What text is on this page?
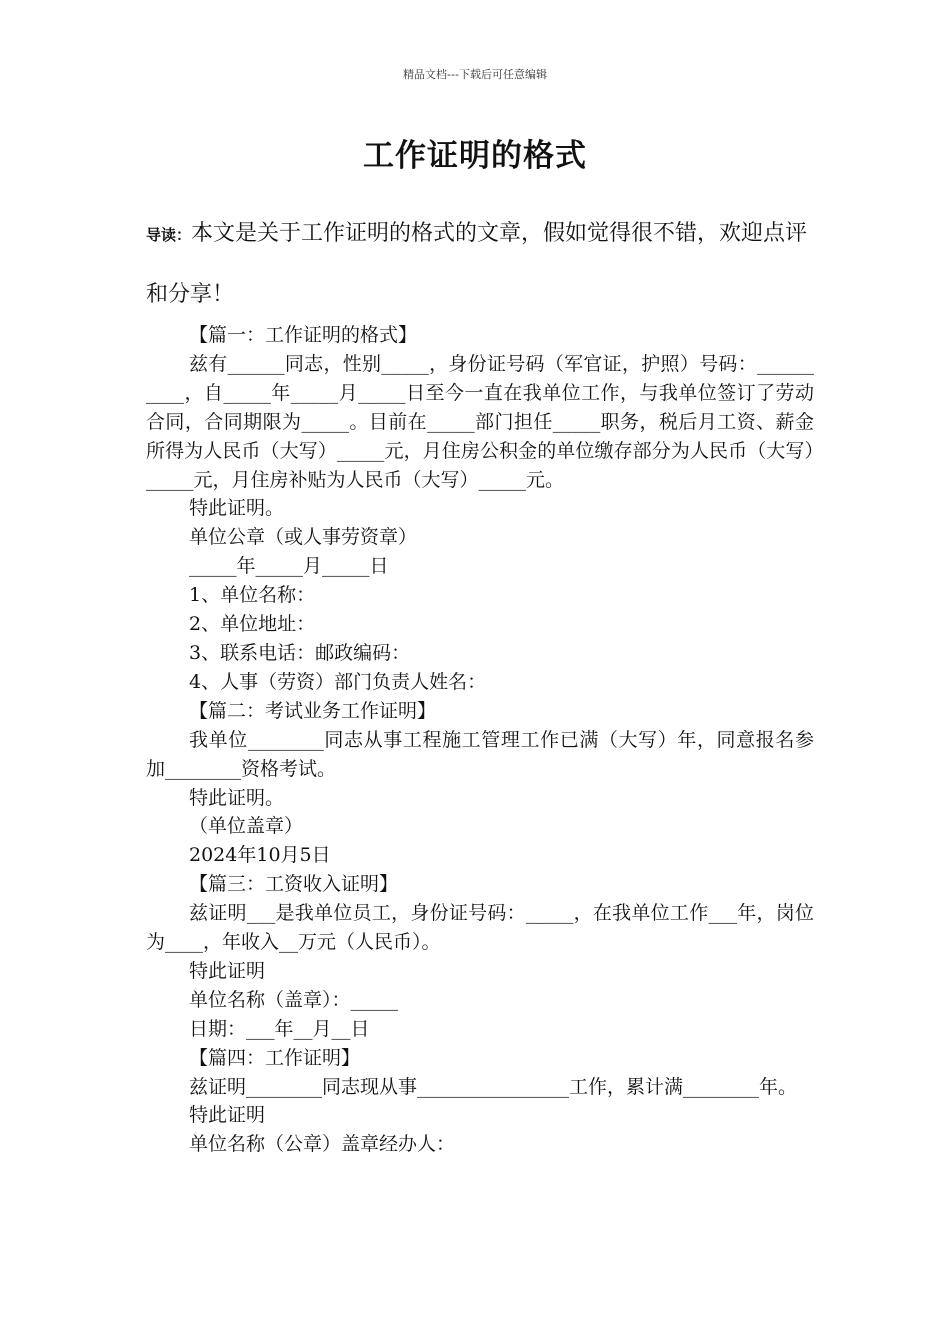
精品文档---下载后可任意编辑
工作证明的格式
导读：本文是关于工作证明的格式的文章，假如觉得很不错，欢迎点评和分享！

【篇一：工作证明的格式】

兹有______同志，性别_____，身份证号码（军官证，护照）号码：__________，自_____年_____月_____日至今一直在我单位工作，与我单位签订了劳动合同，合同期限为_____。目前在_____部门担任_____职务，税后月工资、薪金所得为人民币（大写）_____元，月住房公积金的单位缴存部分为人民币（大写）_____元，月住房补贴为人民币（大写）_____元。

特此证明。

单位公章（或人事劳资章）

_____年_____月_____日

1、单位名称：

2、单位地址：

3、联系电话：邮政编码：

4、人事（劳资）部门负责人姓名：

【篇二：考试业务工作证明】

我单位________同志从事工程施工管理工作已满（大写）年，同意报名参加________资格考试。

特此证明。

（单位盖章）

2024年10月5日

【篇三：工资收入证明】

兹证明___是我单位员工，身份证号码：_____，在我单位工作___年，岗位为____，年收入__万元（人民币）。

特此证明

单位名称（盖章）：_____

日期：___年__月__日

【篇四：工作证明】

兹证明________同志现从事________________工作，累计满________年。

特此证明

单位名称（公章）盖章经办人：
